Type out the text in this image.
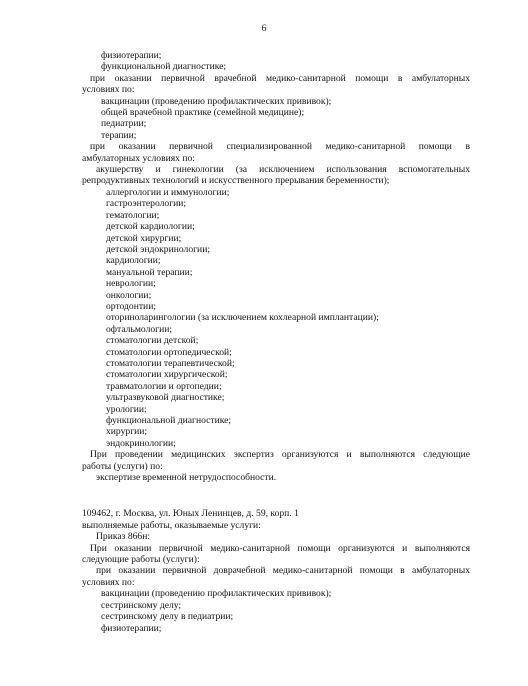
6
физиотерапии;
функциональной диагностике;
при оказании первичной врачебной медико-санитарной помощи в амбулаторных
условиях по:
вакцинации (проведению профилактических прививок);
общей врачебной практике (семейной медицине);
педиатрии;
терапии;
при оказании первичной специализированной медико-санитарной помощи в
амбулаторных условиях по:
акушерству и гинекологии (за исключением использования вспомогательных
репродуктивных технологий и искусственного прерывания беременности);
аллергологии и иммунологии;
гастроэнтерологии;
гематологии;
детской кардиологии;
детской хирургии;
детской эндокринологии;
кардиологии;
мануальной терапии;
неврологии;
онкологии;
ортодонтии;
оториноларингологии (за исключением кохлеарной имплантации);
офтальмологии;
стоматологии детской;
стоматологии ортопедической;
стоматологии терапевтической;
стоматологии хирургической;
травматологии и ортопедии;
ультразвуковой диагностике;
урологии;
функциональной диагностике;
хирургии;
эндокринологии;
При проведении медицинских экспертиз организуются и выполняются следующие
работы (услуги) по:
экспертизе временной нетрудоспособности.
109462, г. Москва, ул. Юных Ленинцев, д. 59, корп. 1
выполняемые работы, оказываемые услуги:
Приказ 866н:
При оказании первичной медико-санитарной помощи организуются и выполняются
следующие работы (услуги):
при оказании первичной доврачебной медико-санитарной помощи в амбулаторных
условиях по:
вакцинации (проведению профилактических прививок);
сестринскому делу;
сестринскому делу в педиатрии;
физиотерапии;
